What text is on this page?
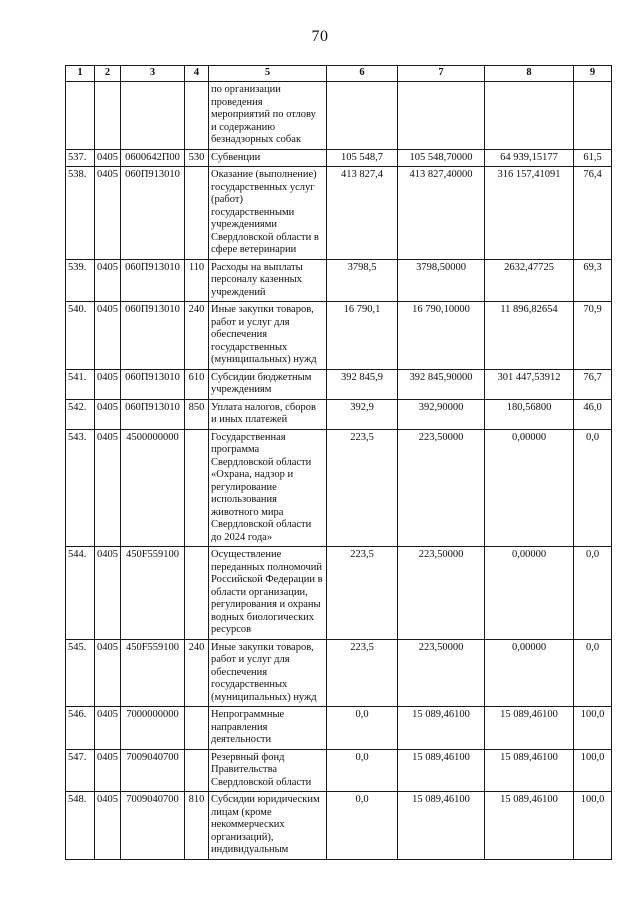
70
1	2	3	4	5	6	7	8	9
				по организации проведения мероприятий по отлову и содержанию безнадзорных собак				
537.	0405	0600642П00	530	Субвенции	105 548,7	105 548,70000	64 939,15177	61,5
538.	0405	060П913010		Оказание (выполнение) государственных услуг (работ) государственными учреждениями Свердловской области в сфере ветеринарии	413 827,4	413 827,40000	316 157,41091	76,4
539.	0405	060П913010	110	Расходы на выплаты персоналу казенных учреждений	3798,5	3798,50000	2632,47725	69,3
540.	0405	060П913010	240	Иные закупки товаров, работ и услуг для обеспечения государственных (муниципальных) нужд	16 790,1	16 790,10000	11 896,82654	70,9
541.	0405	060П913010	610	Субсидии бюджетным учреждениям	392 845,9	392 845,90000	301 447,53912	76,7
542.	0405	060П913010	850	Уплата налогов, сборов и иных платежей	392,9	392,90000	180,56800	46,0
543.	0405	4500000000		Государственная программа Свердловской области «Охрана, надзор и регулирование использования животного мира Свердловской области до 2024 года»	223,5	223,50000	0,00000	0,0
544.	0405	450F559100		Осуществление переданных полномочий Российской Федерации в области организации, регулирования и охраны водных биологических ресурсов	223,5	223,50000	0,00000	0,0
545.	0405	450F559100	240	Иные закупки товаров, работ и услуг для обеспечения государственных (муниципальных) нужд	223,5	223,50000	0,00000	0,0
546.	0405	7000000000		Непрограммные направления деятельности	0,0	15 089,46100	15 089,46100	100,0
547.	0405	7009040700		Резервный фонд Правительства Свердловской области	0,0	15 089,46100	15 089,46100	100,0
548.	0405	7009040700	810	Субсидии юридическим лицам (кроме некоммерческих организаций), индивидуальным	0,0	15 089,46100	15 089,46100	100,0
